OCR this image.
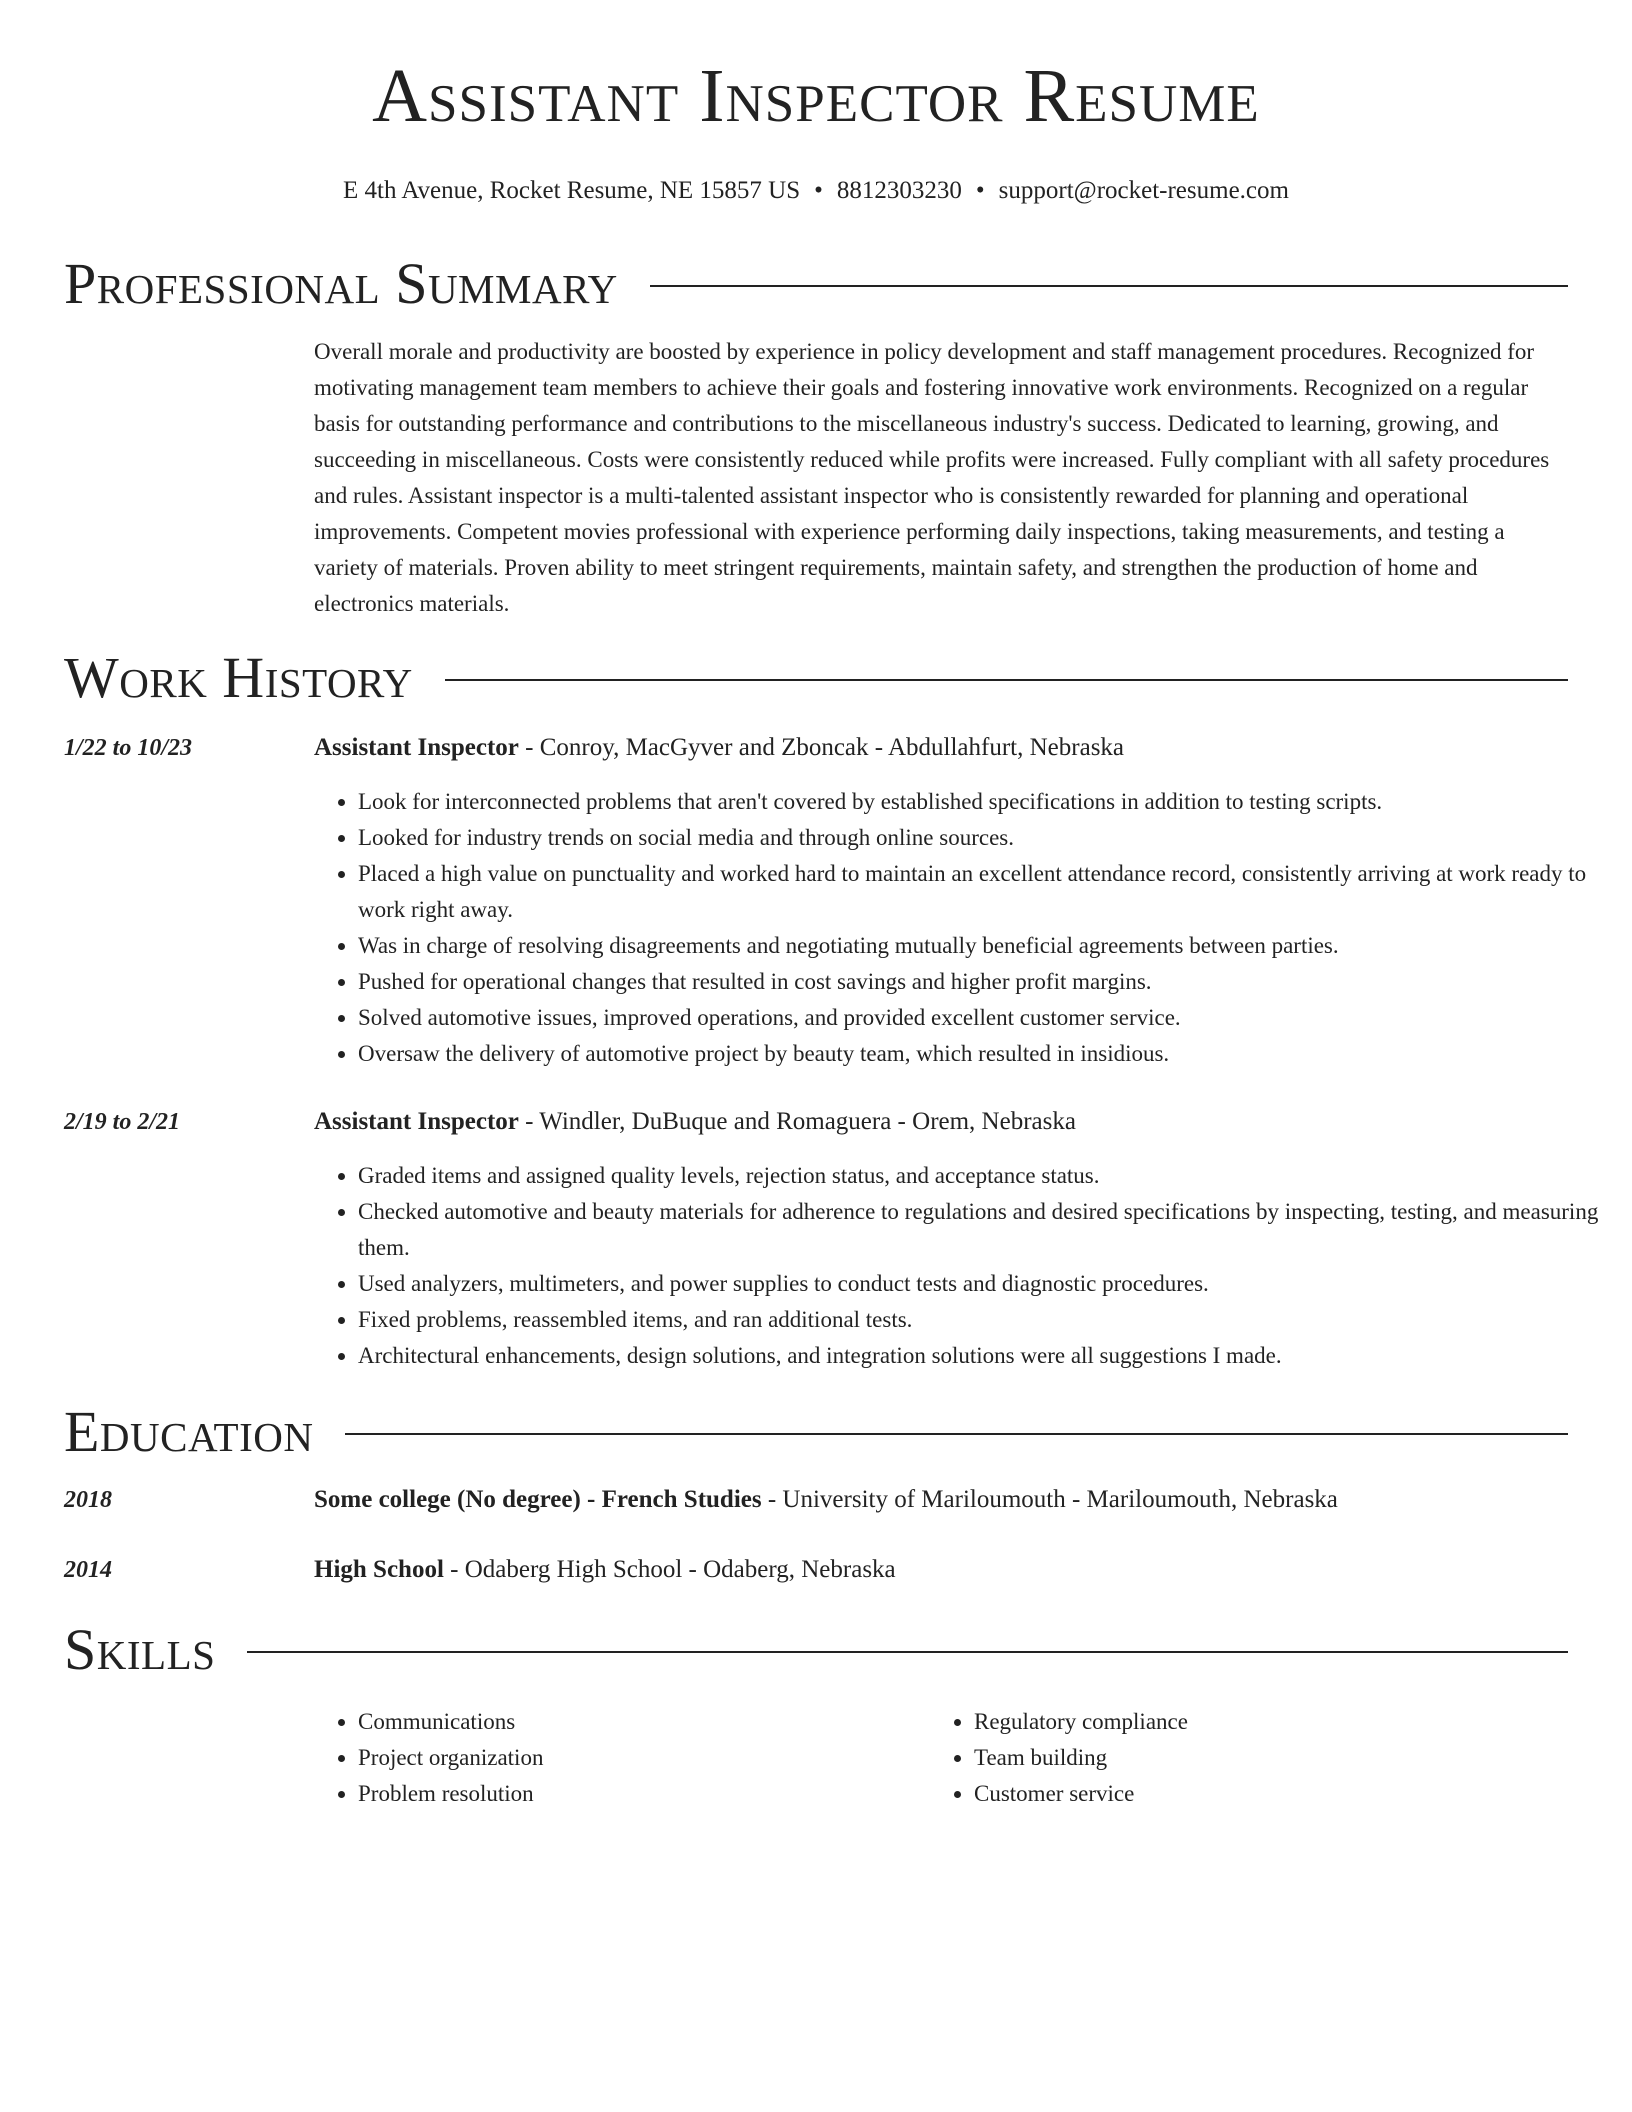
Assistant Inspector Resume
E 4th Avenue, Rocket Resume, NE 15857 US • 8812303230 • support@rocket-resume.com
Professional Summary
Overall morale and productivity are boosted by experience in policy development and staff management procedures. Recognized for motivating management team members to achieve their goals and fostering innovative work environments. Recognized on a regular basis for outstanding performance and contributions to the miscellaneous industry's success. Dedicated to learning, growing, and succeeding in miscellaneous. Costs were consistently reduced while profits were increased. Fully compliant with all safety procedures and rules. Assistant inspector is a multi-talented assistant inspector who is consistently rewarded for planning and operational improvements. Competent movies professional with experience performing daily inspections, taking measurements, and testing a variety of materials. Proven ability to meet stringent requirements, maintain safety, and strengthen the production of home and electronics materials.
Work History
1/22 to 10/23	Assistant Inspector - Conroy, MacGyver and Zboncak - Abdullahfurt, Nebraska
• Look for interconnected problems that aren't covered by established specifications in addition to testing scripts.
• Looked for industry trends on social media and through online sources.
• Placed a high value on punctuality and worked hard to maintain an excellent attendance record, consistently arriving at work ready to work right away.
• Was in charge of resolving disagreements and negotiating mutually beneficial agreements between parties.
• Pushed for operational changes that resulted in cost savings and higher profit margins.
• Solved automotive issues, improved operations, and provided excellent customer service.
• Oversaw the delivery of automotive project by beauty team, which resulted in insidious.
2/19 to 2/21	Assistant Inspector - Windler, DuBuque and Romaguera - Orem, Nebraska
• Graded items and assigned quality levels, rejection status, and acceptance status.
• Checked automotive and beauty materials for adherence to regulations and desired specifications by inspecting, testing, and measuring them.
• Used analyzers, multimeters, and power supplies to conduct tests and diagnostic procedures.
• Fixed problems, reassembled items, and ran additional tests.
• Architectural enhancements, design solutions, and integration solutions were all suggestions I made.
Education
2018	Some college (No degree) - French Studies - University of Mariloumouth - Mariloumouth, Nebraska
2014	High School - Odaberg High School - Odaberg, Nebraska
Skills
• Communications
• Project organization
• Problem resolution
• Regulatory compliance
• Team building
• Customer service
